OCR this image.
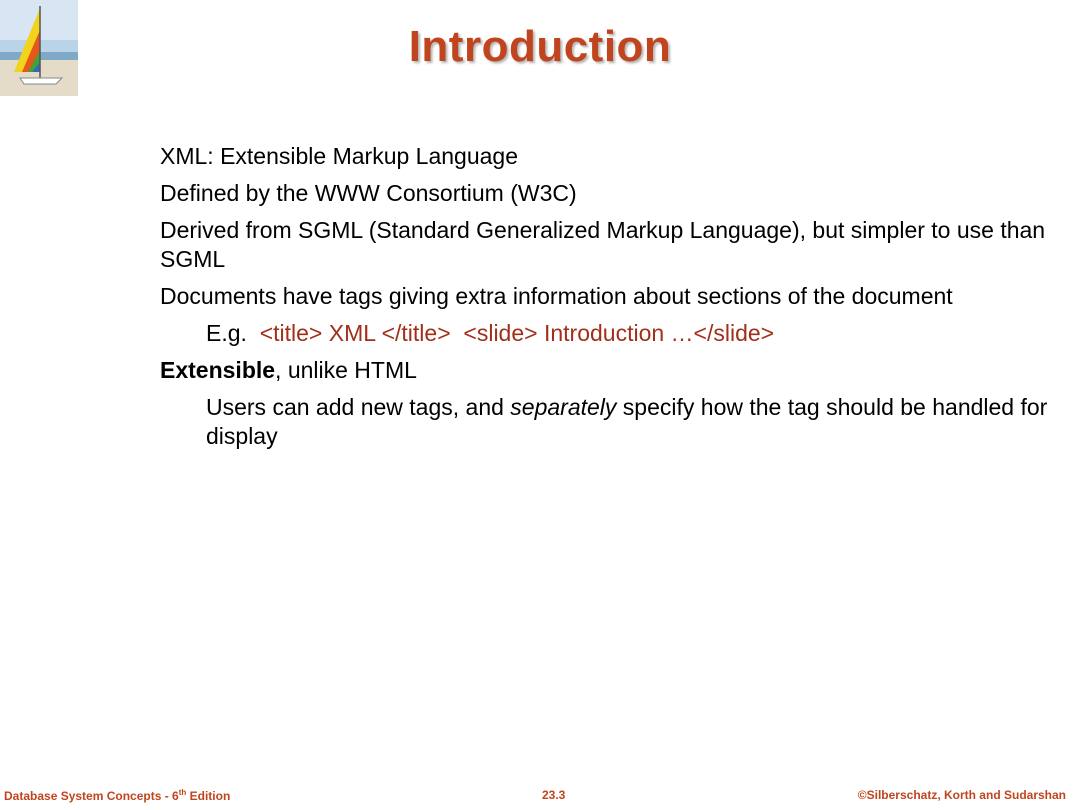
Introduction
XML: Extensible Markup Language
Defined by the WWW Consortium (W3C)
Derived from SGML (Standard Generalized Markup Language), but simpler to use than SGML
Documents have tags giving extra information about sections of the document
E.g.  <title> XML </title>  <slide> Introduction …</slide>
Extensible, unlike HTML
Users can add new tags, and separately specify how the tag should be handled for display
Database System Concepts - 6th Edition	23.3	©Silberschatz, Korth and Sudarshan
